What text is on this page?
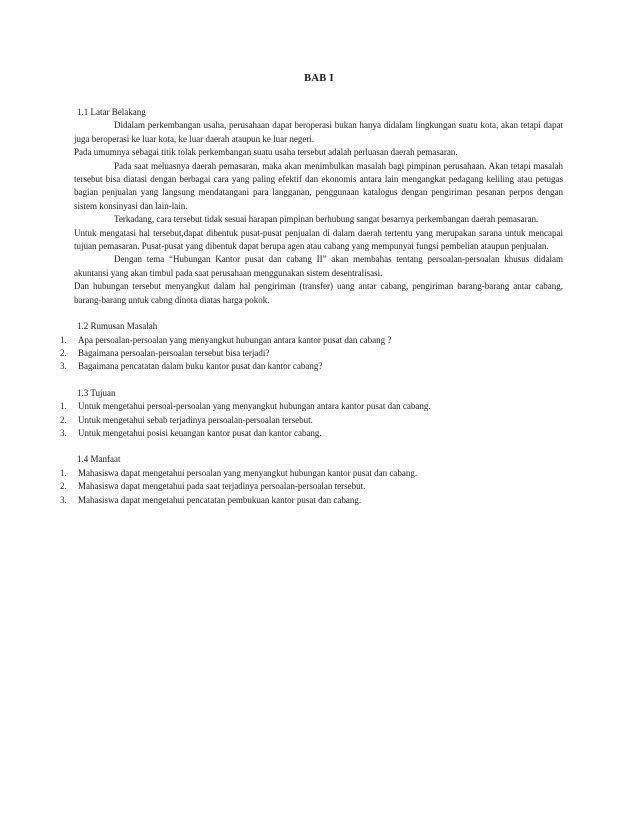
BAB I

1.1 Latar Belakang

Didalam perkembangan usaha, perusahaan dapat beroperasi bukan hanya didalam lingkungan suatu kota, akan tetapi dapat juga beroperasi ke luar kota, ke luar daerah ataupun ke luar negeri.

Pada umumnya sebagai titik tolak perkembangan suatu usaha tersebut adalah perluasan daerah pemasaran.

Pada saat meluasnya daerah pemasaran, maka akan menimbulkan masalah bagi pimpinan perusahaan. Akan tetapi masalah tersebut bisa diatasi dengan berbagai cara yang paling efektif dan ekonomis antara lain mengangkat pedagang keliling atau petugas bagian penjualan yang langsung mendatangani para langganan, penggunaan katalogus dengan pengiriman pesanan perpos dengan sistem konsinyasi dan lain-lain.

Terkadang, cara tersebut tidak sesuai harapan pimpinan berhubung sangat besarnya perkembangan daerah pemasaran.

Untuk mengatasi hal tersebut,dapat dibentuk pusat-pusat penjualan di dalam daerah tertentu yang merupakan sarana untuk mencapai tujuan pemasaran. Pusat-pusat yang dibentuk dapat berupa agen atau cabang yang mempunyai fungsi pembelian ataupun penjualan.

Dengan tema “Hubungan Kantor pusat dan cabang II” akan membahas tentang persoalan-persoalan khusus didalam akuntansi yang akan timbul pada saat perusahaan menggunakan sistem desentralisasi.

Dan hubungan tersebut menyangkut dalam hal pengiriman (transfer) uang antar cabang, pengiriman barang-barang antar cabang, barang-barang untuk cabng dinota diatas harga pokok.

1.2 Rumusan Masalah

1. Apa persoalan-persoalan yang menyangkut hubungan antara kantor pusat dan cabang ?
2. Bagaimana persoalan-persoalan tersebut bisa terjadi?
3. Bagaimana pencatatan dalam buku kantor pusat dan kantor cabang?

1.3 Tujuan

1. Untuk mengetahui persoal-persoalan yang menyangkut hubungan antara kantor pusat dan cabang.
2. Untuk mengetahui sebab terjadinya persoalan-persoalan tersebut.
3. Untuk mengetahui posisi keuangan kantor pusat dan kantor cabang.

1.4 Manfaat

1. Mahasiswa dapat mengetahui persoalan yang menyangkut hubungan kantor pusat dan cabang.
2. Mahasiswa dapat mengetahui pada saat terjadinya persoalan-persoalan tersebut.
3. Mahasiswa dapat mengetahui pencatatan pembukuan kantor pusat dan cabang.
